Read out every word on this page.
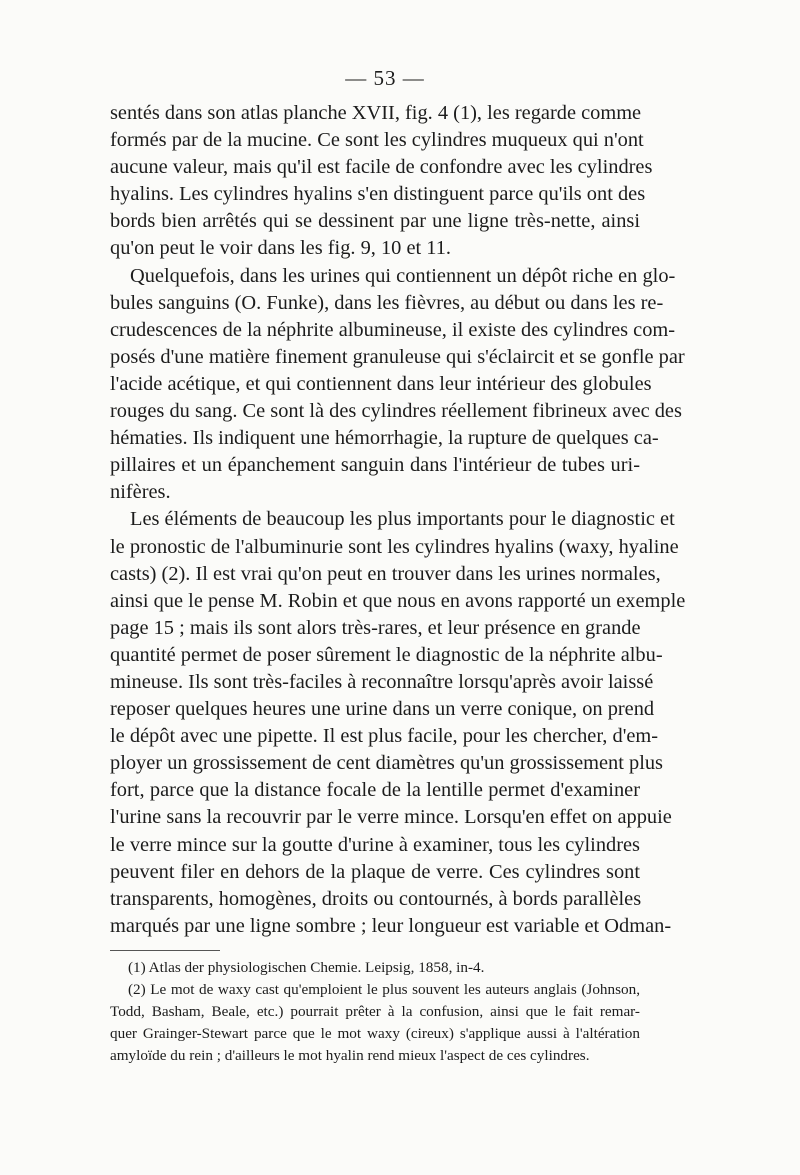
— 53 —
sentés dans son atlas planche XVII, fig. 4 (1), les regarde comme
formés par de la mucine. Ce sont les cylindres muqueux qui n'ont
aucune valeur, mais qu'il est facile de confondre avec les cylindres
hyalins. Les cylindres hyalins s'en distinguent parce qu'ils ont des
bords bien arrêtés qui se dessinent par une ligne très-nette, ainsi
qu'on peut le voir dans les fig. 9, 10 et 11.
Quelquefois, dans les urines qui contiennent un dépôt riche en glo-
bules sanguins (O. Funke), dans les fièvres, au début ou dans les re-
crudescences de la néphrite albumineuse, il existe des cylindres com-
posés d'une matière finement granuleuse qui s'éclaircit et se gonfle par
l'acide acétique, et qui contiennent dans leur intérieur des globules
rouges du sang. Ce sont là des cylindres réellement fibrineux avec des
hématies. Ils indiquent une hémorrhagie, la rupture de quelques ca-
pillaires et un épanchement sanguin dans l'intérieur de tubes uri-
nifères.
Les éléments de beaucoup les plus importants pour le diagnostic et
le pronostic de l'albuminurie sont les cylindres hyalins (waxy, hyaline
casts) (2). Il est vrai qu'on peut en trouver dans les urines normales,
ainsi que le pense M. Robin et que nous en avons rapporté un exemple
page 15 ; mais ils sont alors très-rares, et leur présence en grande
quantité permet de poser sûrement le diagnostic de la néphrite albu-
mineuse. Ils sont très-faciles à reconnaître lorsqu'après avoir laissé
reposer quelques heures une urine dans un verre conique, on prend
le dépôt avec une pipette. Il est plus facile, pour les chercher, d'em-
ployer un grossissement de cent diamètres qu'un grossissement plus
fort, parce que la distance focale de la lentille permet d'examiner
l'urine sans la recouvrir par le verre mince. Lorsqu'en effet on appuie
le verre mince sur la goutte d'urine à examiner, tous les cylindres
peuvent filer en dehors de la plaque de verre. Ces cylindres sont
transparents, homogènes, droits ou contournés, à bords parallèles
marqués par une ligne sombre ; leur longueur est variable et Odman-
(1) Atlas der physiologischen Chemie. Leipsig, 1858, in-4.
(2) Le mot de waxy cast qu'emploient le plus souvent les auteurs anglais (Johnson,
Todd, Basham, Beale, etc.) pourrait prêter à la confusion, ainsi que le fait remar-
quer Grainger-Stewart parce que le mot waxy (cireux) s'applique aussi à l'altération
amyloïde du rein ; d'ailleurs le mot hyalin rend mieux l'aspect de ces cylindres.
